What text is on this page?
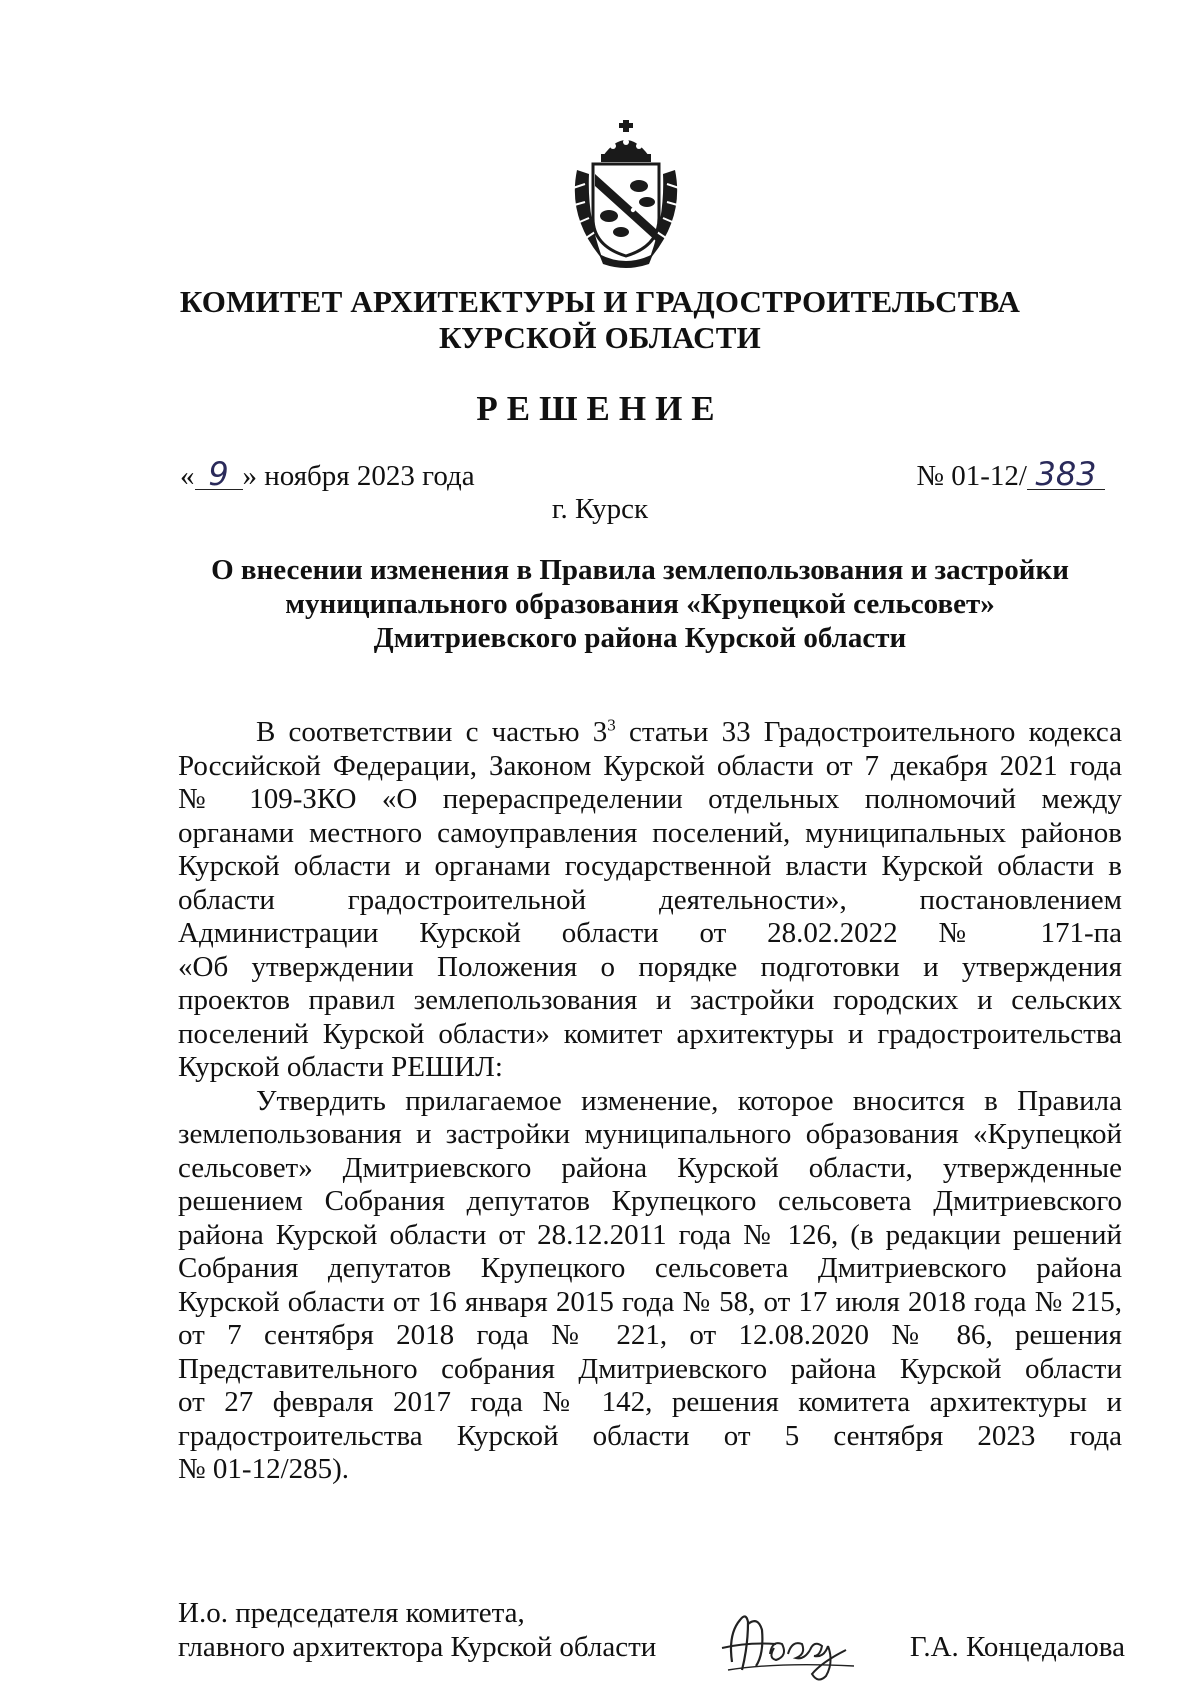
КОМИТЕТ АРХИТЕКТУРЫ И ГРАДОСТРОИТЕЛЬСТВА
КУРСКОЙ ОБЛАСТИ
РЕШЕНИЕ
« 9 » ноября 2023 года	№ 01-12/ 383
г. Курск
О внесении изменения в Правила землепользования и застройки
муниципального образования «Крупецкой сельсовет»
Дмитриевского района Курской области
В соответствии с частью $3^3$ статьи 33 Градостроительного кодекса
Российской Федерации, Законом Курской области от 7 декабря 2021 года
№ 109-ЗКО «О перераспределении отдельных полномочий между
органами местного самоуправления поселений, муниципальных районов
Курской области и органами государственной власти Курской области в
области градостроительной деятельности», постановлением
Администрации Курской области от 28.02.2022 № 171-па
«Об утверждении Положения о порядке подготовки и утверждения
проектов правил землепользования и застройки городских и сельских
поселений Курской области» комитет архитектуры и градостроительства
Курской области РЕШИЛ:
Утвердить прилагаемое изменение, которое вносится в Правила
землепользования и застройки муниципального образования «Крупецкой
сельсовет» Дмитриевского района Курской области, утвержденные
решением Собрания депутатов Крупецкого сельсовета Дмитриевского
района Курской области от 28.12.2011 года № 126, (в редакции решений
Собрания депутатов Крупецкого сельсовета Дмитриевского района
Курской области от 16 января 2015 года № 58, от 17 июля 2018 года № 215,
от 7 сентября 2018 года № 221, от 12.08.2020 № 86, решения
Представительного собрания Дмитриевского района Курской области
от 27 февраля 2017 года № 142, решения комитета архитектуры и
градостроительства Курской области от 5 сентября 2023 года
№ 01-12/285).
И.о. председателя комитета,
главного архитектора Курской области	Г.А. Концедалова
